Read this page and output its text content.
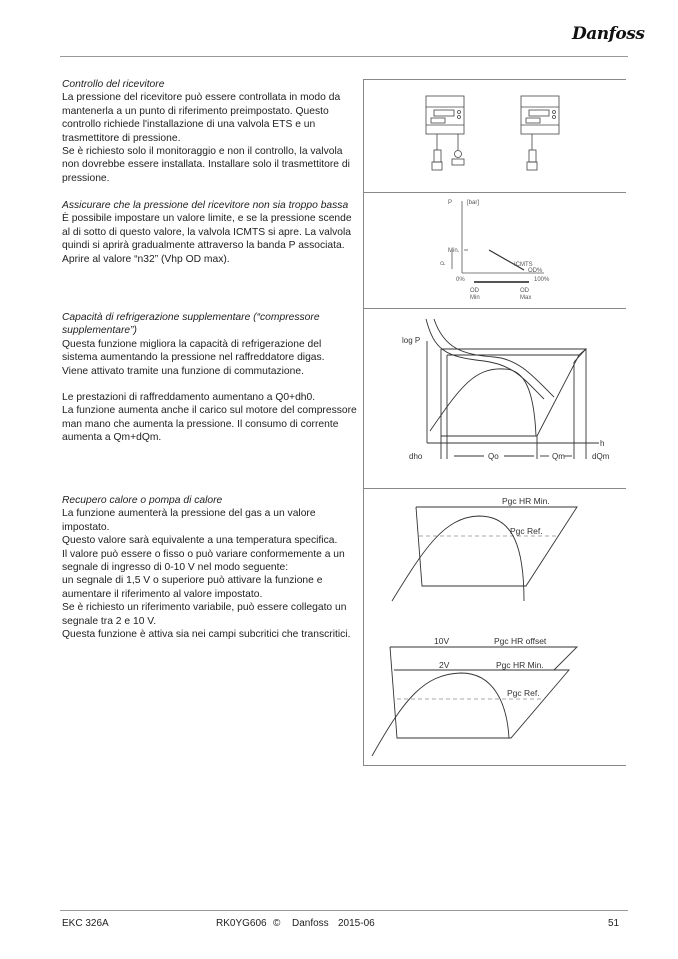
Danfoss

Controllo del ricevitore

La pressione del ricevitore può essere controllata in modo da mantenerla a un punto di riferimento preimpostato. Questo controllo richiede l'installazione di una valvola ETS e un trasmettitore di pressione.

Se è richiesto solo il monitoraggio e non il controllo, la valvola non dovrebbe essere installata. Installare solo il trasmettitore di pressione.

Assicurare che la pressione del ricevitore non sia troppo bassa

È possibile impostare un valore limite, e se la pressione scende al di sotto di questo valore, la valvola ICMTS si apre. La valvola quindi si aprirà gradualmente attraverso la banda P associata. Aprire al valore “n32” (Vhp OD max).

Capacità di refrigerazione supplementare (“compressore supplementare”)

Questa funzione migliora la capacità di refrigerazione del sistema aumentando la pressione nel raffreddatore digas.

Viene attivato tramite una funzione di commutazione.

Le prestazioni di raffreddamento aumentano a Q0+dh0.

La funzione aumenta anche il carico sul motore del compressore man mano che aumenta la pressione. Il consumo di corrente aumenta a Qm+dQm.

Recupero calore o pompa di calore

La funzione aumenterà la pressione del gas a un valore impostato.

Questo valore sarà equivalente a una temperatura specifica.

Il valore può essere o fisso o può variare conformemente a un segnale di ingresso di 0-10 V nel modo seguente:

un segnale di 1,5 V o superiore può attivare la funzione e aumentare il riferimento al valore impostato.

Se è richiesto un riferimento variabile, può essere collegato un segnale tra 2 e 10 V.

Questa funzione è attiva sia nei campi subcritici che transcritici.

P [bar]
Min.
ICMTS
OD%
0%	100%
OD
Min
OD
Max
P
log P
h
dho	Qo	Qm	dQm
Pgc HR Min.
Pgc Ref.
10V	Pgc HR offset
2V	Pgc HR Min.
Pgc Ref.
EKC 326A	RK0YG606 © Danfoss 2015-06	51
